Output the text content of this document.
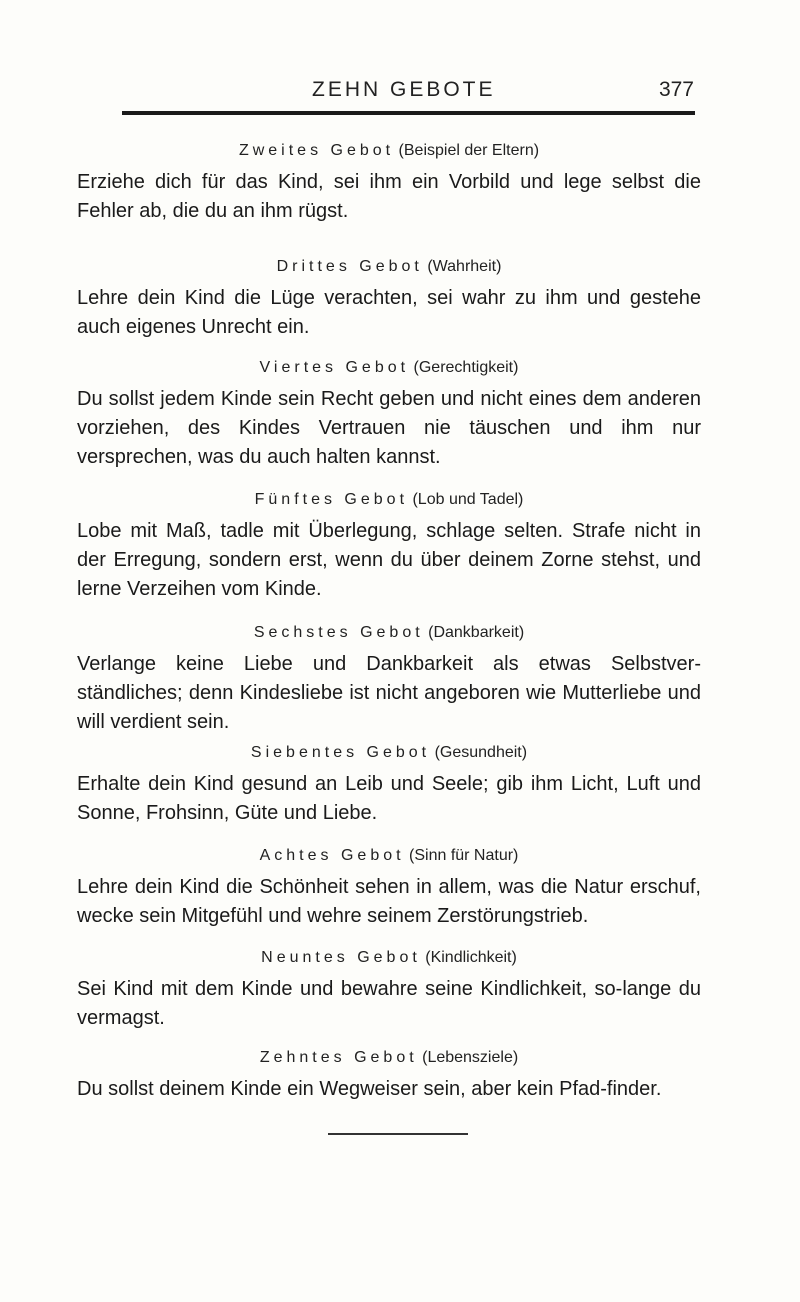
ZEHN GEBOTE	377

Zweites Gebot (Beispiel der Eltern)

Erziehe dich für das Kind, sei ihm ein Vorbild und lege selbst die Fehler ab, die du an ihm rügst.

Drittes Gebot (Wahrheit)

Lehre dein Kind die Lüge verachten, sei wahr zu ihm und gestehe auch eigenes Unrecht ein.

Viertes Gebot (Gerechtigkeit)

Du sollst jedem Kinde sein Recht geben und nicht eines dem anderen vorziehen, des Kindes Vertrauen nie täuschen und ihm nur versprechen, was du auch halten kannst.

Fünftes Gebot (Lob und Tadel)

Lobe mit Maß, tadle mit Überlegung, schlage selten. Strafe nicht in der Erregung, sondern erst, wenn du über deinem Zorne stehst, und lerne Verzeihen vom Kinde.

Sechstes Gebot (Dankbarkeit)

Verlange keine Liebe und Dankbarkeit als etwas Selbstver-ständliches; denn Kindesliebe ist nicht angeboren wie Mutterliebe und will verdient sein.

Siebentes Gebot (Gesundheit)

Erhalte dein Kind gesund an Leib und Seele; gib ihm Licht, Luft und Sonne, Frohsinn, Güte und Liebe.

Achtes Gebot (Sinn für Natur)

Lehre dein Kind die Schönheit sehen in allem, was die Natur erschuf, wecke sein Mitgefühl und wehre seinem Zerstörungstrieb.

Neuntes Gebot (Kindlichkeit)

Sei Kind mit dem Kinde und bewahre seine Kindlichkeit, so-lange du vermagst.

Zehntes Gebot (Lebensziele)

Du sollst deinem Kinde ein Wegweiser sein, aber kein Pfad-finder.
